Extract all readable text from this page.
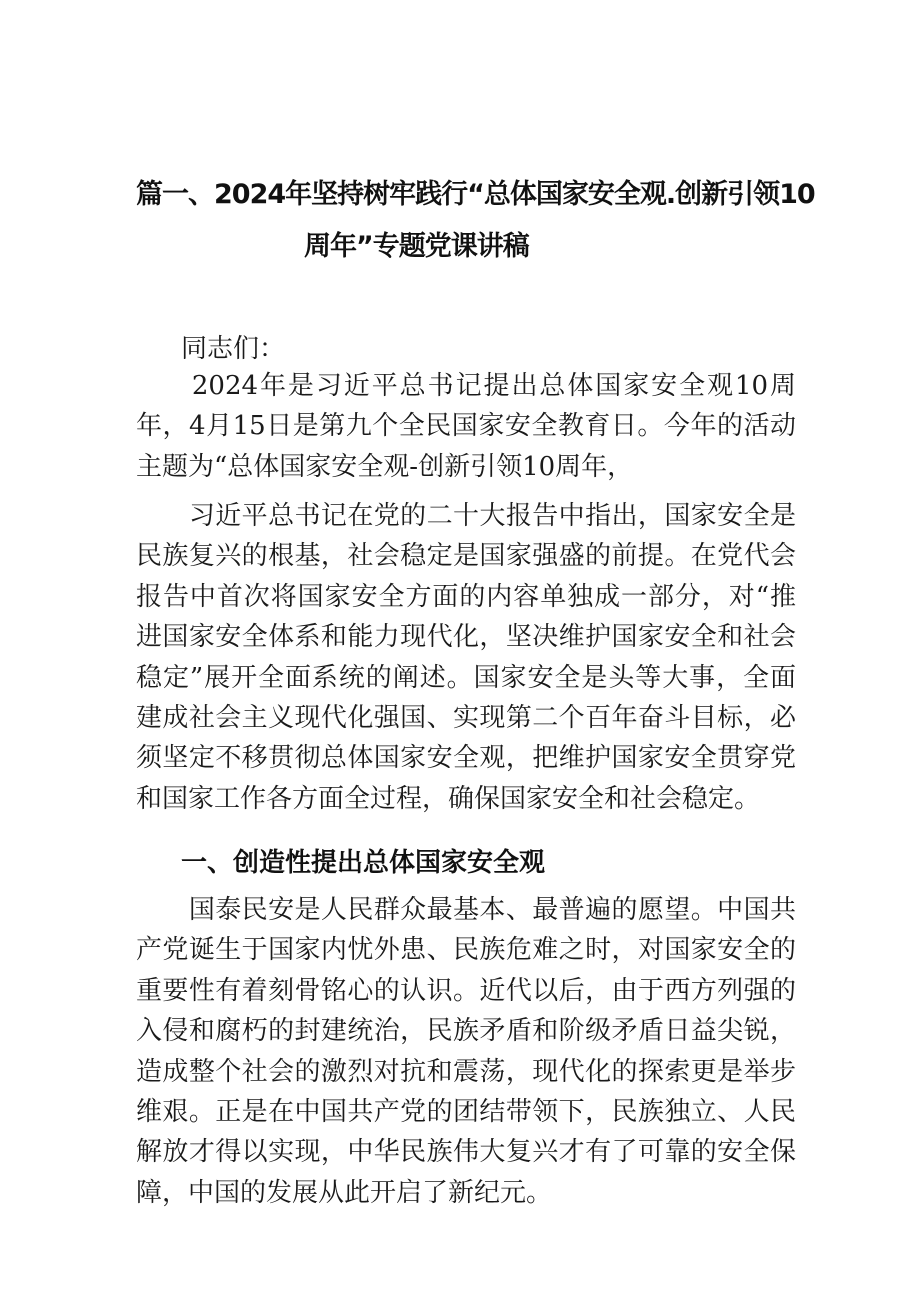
篇一、2024年坚持树牢践行“总体国家安全观.创新引领10
周年”专题党课讲稿
同志们：
　　2024年是习近平总书记提出总体国家安全观10周年，4月15日是第九个全民国家安全教育日。今年的活动主题为“总体国家安全观-创新引领10周年，
　　习近平总书记在党的二十大报告中指出，国家安全是民族复兴的根基，社会稳定是国家强盛的前提。在党代会报告中首次将国家安全方面的内容单独成一部分，对“推进国家安全体系和能力现代化，坚决维护国家安全和社会稳定”展开全面系统的阐述。国家安全是头等大事，全面建成社会主义现代化强国、实现第二个百年奋斗目标，必须坚定不移贯彻总体国家安全观，把维护国家安全贯穿党和国家工作各方面全过程，确保国家安全和社会稳定。
一、创造性提出总体国家安全观
　　国泰民安是人民群众最基本、最普遍的愿望。中国共产党诞生于国家内忧外患、民族危难之时，对国家安全的重要性有着刻骨铭心的认识。近代以后，由于西方列强的入侵和腐朽的封建统治，民族矛盾和阶级矛盾日益尖锐，造成整个社会的激烈对抗和震荡，现代化的探索更是举步维艰。正是在中国共产党的团结带领下，民族独立、人民解放才得以实现，中华民族伟大复兴才有了可靠的安全保障，中国的发展从此开启了新纪元。
